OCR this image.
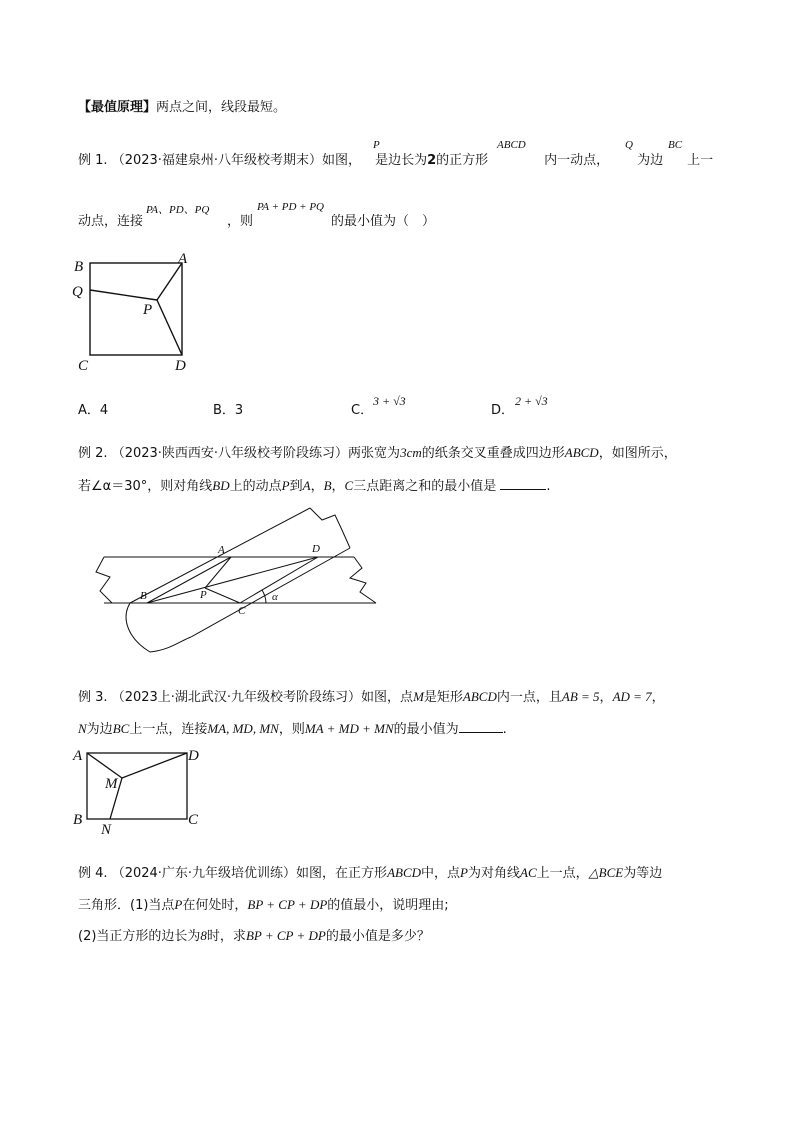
【最值原理】两点之间，线段最短。
例 1. （2023·福建泉州·八年级校考期末）如图， 是边长为2的正方形	内一动点， 为边 上一
P	ABCD	Q	BC
动点，连接	，则	的最小值为（　）
PA、PD、PQ	PA + PD + PQ
B	A
Q
P
C	D
A．4	B．3	C．
3 + √3
D．
2 + √3
例 2. （2023·陕西西安·八年级校考阶段练习）两张宽为3cm的纸条交叉重叠成四边形ABCD，如图所示，
若∠α＝30°，则对角线BD上的动点P到A，B，C三点距离之和的最小值是	.
A	D
B	P
C
α
例 3. （2023上·湖北武汉·九年级校考阶段练习）如图，点M是矩形ABCD内一点，且AB = 5，AD = 7，
N为边BC上一点，连接MA, MD, MN，则MA + MD + MN的最小值为	.
A	D
M
B	C
N
例 4. （2024·广东·九年级培优训练）如图，在正方形ABCD中，点P为对角线AC上一点，△BCE为等边
三角形．(1)当点P在何处时，BP + CP + DP的值最小，说明理由;
(2)当正方形的边长为8时，求BP + CP + DP的最小值是多少？
